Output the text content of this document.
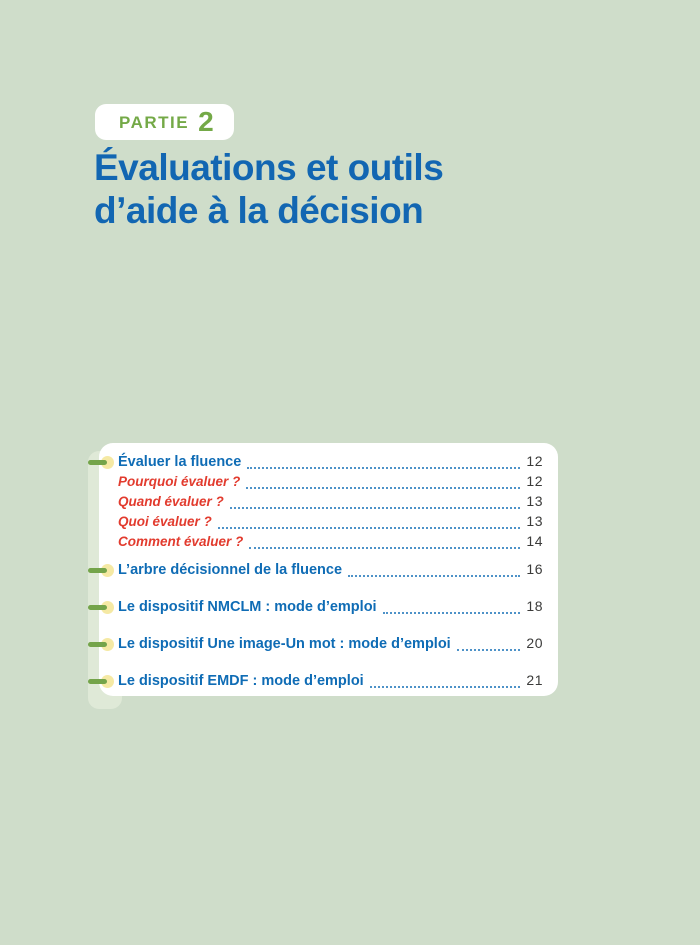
PARTIE 2
Évaluations et outils
d’aide à la décision
Évaluer la fluence	12
Pourquoi évaluer ?	12
Quand évaluer ?	13
Quoi évaluer ?	13
Comment évaluer ?	14
L’arbre décisionnel de la fluence	16
Le dispositif NMCLM : mode d’emploi	18
Le dispositif Une image-Un mot : mode d’emploi	20
Le dispositif EMDF : mode d’emploi	21
